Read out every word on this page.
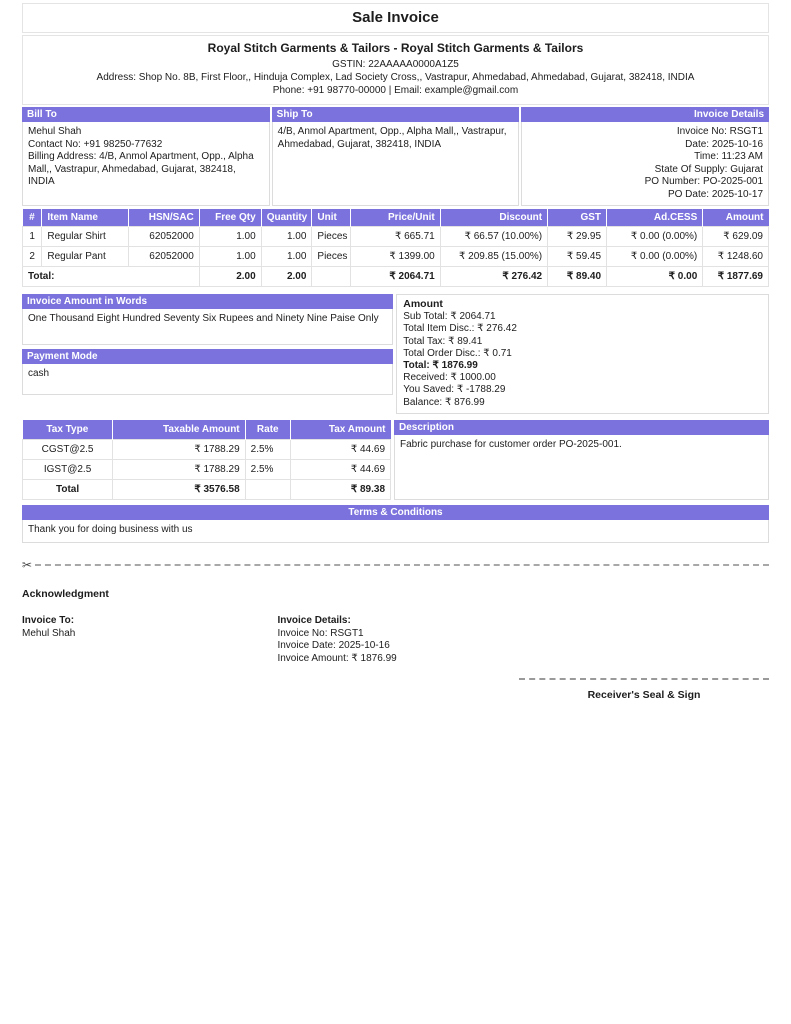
Sale Invoice
Royal Stitch Garments & Tailors - Royal Stitch Garments & Tailors
GSTIN: 22AAAAA0000A1Z5
Address: Shop No. 8B, First Floor,, Hinduja Complex, Lad Society Cross,, Vastrapur, Ahmedabad, Ahmedabad, Gujarat, 382418, INDIA
Phone: +91 98770-00000 | Email: example@gmail.com
Bill To
Mehul Shah
Contact No: +91 98250-77632
Billing Address: 4/B, Anmol Apartment, Opp., Alpha Mall,, Vastrapur, Ahmedabad, Gujarat, 382418, INDIA
Ship To
4/B, Anmol Apartment, Opp., Alpha Mall,, Vastrapur, Ahmedabad, Gujarat, 382418, INDIA
Invoice Details
Invoice No: RSGT1
Date: 2025-10-16
Time: 11:23 AM
State Of Supply: Gujarat
PO Number: PO-2025-001
PO Date: 2025-10-17
#	Item Name	HSN/SAC	Free Qty	Quantity	Unit	Price/Unit	Discount	GST	Ad.CESS	Amount
1	Regular Shirt	62052000	1.00	1.00	Pieces	₹ 665.71	₹ 66.57 (10.00%)	₹ 29.95	₹ 0.00 (0.00%)	₹ 629.09
2	Regular Pant	62052000	1.00	1.00	Pieces	₹ 1399.00	₹ 209.85 (15.00%)	₹ 59.45	₹ 0.00 (0.00%)	₹ 1248.60
Total:			2.00	2.00		₹ 2064.71	₹ 276.42	₹ 89.40	₹ 0.00	₹ 1877.69
Invoice Amount in Words
One Thousand Eight Hundred Seventy Six Rupees and Ninety Nine Paise Only
Payment Mode
cash
Amount
Sub Total: ₹ 2064.71
Total Item Disc.: ₹ 276.42
Total Tax: ₹ 89.41
Total Order Disc.: ₹ 0.71
Total: ₹ 1876.99
Received: ₹ 1000.00
You Saved: ₹ -1788.29
Balance: ₹ 876.99
Tax Type	Taxable Amount	Rate	Tax Amount
CGST@2.5	₹ 1788.29	2.5%	₹ 44.69
IGST@2.5	₹ 1788.29	2.5%	₹ 44.69
Total	₹ 3576.58		₹ 89.38
Description
Fabric purchase for customer order PO-2025-001.
Terms & Conditions
Thank you for doing business with us
✂
Acknowledgment
Invoice To:
Mehul Shah
Invoice Details:
Invoice No: RSGT1
Invoice Date: 2025-10-16
Invoice Amount: ₹ 1876.99
Receiver's Seal & Sign
